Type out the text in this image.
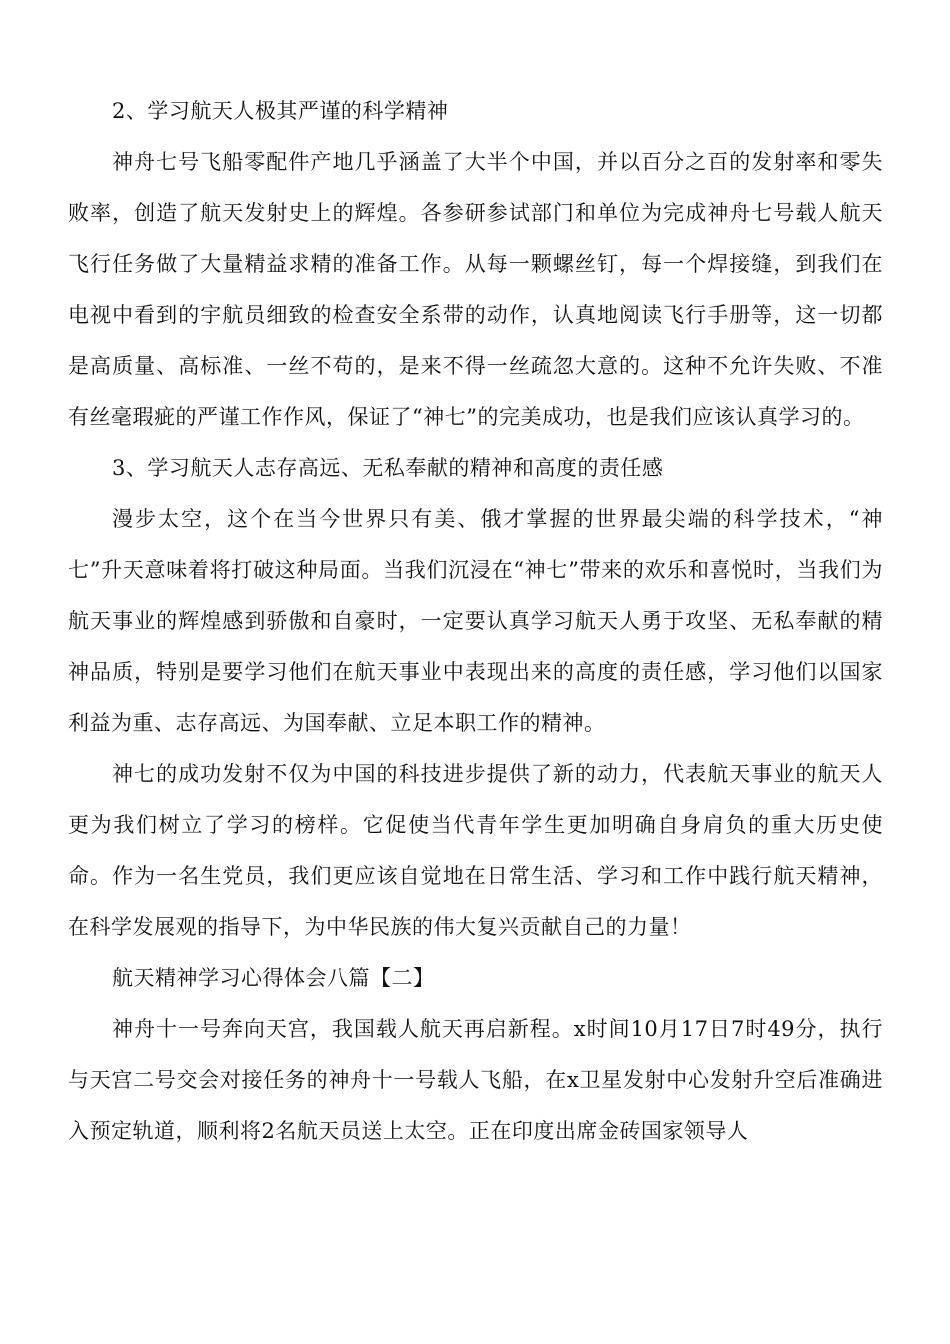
2、学习航天人极其严谨的科学精神

神舟七号飞船零配件产地几乎涵盖了大半个中国，并以百分之百的发射率和零失败率，创造了航天发射史上的辉煌。各参研参试部门和单位为完成神舟七号载人航天飞行任务做了大量精益求精的准备工作。从每一颗螺丝钉，每一个焊接缝，到我们在电视中看到的宇航员细致的检查安全系带的动作，认真地阅读飞行手册等，这一切都是高质量、高标准、一丝不苟的，是来不得一丝疏忽大意的。这种不允许失败、不准有丝毫瑕疵的严谨工作作风，保证了“神七”的完美成功，也是我们应该认真学习的。

3、学习航天人志存高远、无私奉献的精神和高度的责任感

漫步太空，这个在当今世界只有美、俄才掌握的世界最尖端的科学技术，“神七”升天意味着将打破这种局面。当我们沉浸在“神七”带来的欢乐和喜悦时，当我们为航天事业的辉煌感到骄傲和自豪时，一定要认真学习航天人勇于攻坚、无私奉献的精神品质，特别是要学习他们在航天事业中表现出来的高度的责任感，学习他们以国家利益为重、志存高远、为国奉献、立足本职工作的精神。

神七的成功发射不仅为中国的科技进步提供了新的动力，代表航天事业的航天人更为我们树立了学习的榜样。它促使当代青年学生更加明确自身肩负的重大历史使命。作为一名生党员，我们更应该自觉地在日常生活、学习和工作中践行航天精神，在科学发展观的指导下，为中华民族的伟大复兴贡献自己的力量！

航天精神学习心得体会八篇【二】

神舟十一号奔向天宫，我国载人航天再启新程。x时间10月17日7时49分，执行与天宫二号交会对接任务的神舟十一号载人飞船，在x卫星发射中心发射升空后准确进入预定轨道，顺利将2名航天员送上太空。正在印度出席金砖国家领导人
